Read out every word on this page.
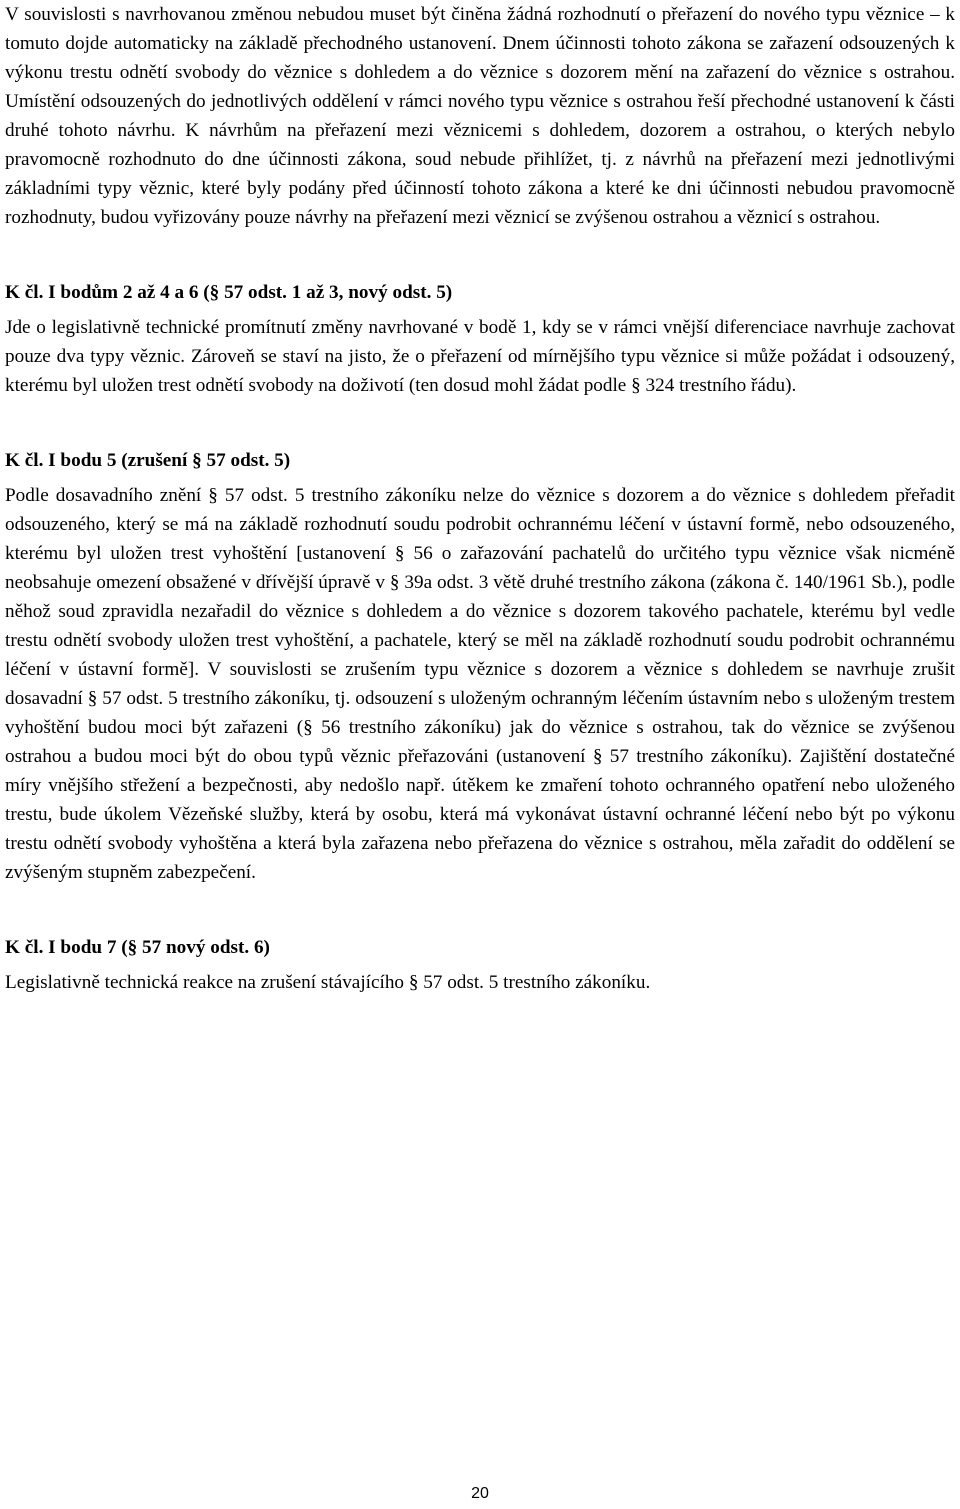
V souvislosti s navrhovanou změnou nebudou muset být činěna žádná rozhodnutí o přeřazení do nového typu věznice – k tomuto dojde automaticky na základě přechodného ustanovení. Dnem účinnosti tohoto zákona se zařazení odsouzených k výkonu trestu odnětí svobody do věznice s dohledem a do věznice s dozorem mění na zařazení do věznice s ostrahou. Umístění odsouzených do jednotlivých oddělení v rámci nového typu věznice s ostrahou řeší přechodné ustanovení k části druhé tohoto návrhu. K návrhům na přeřazení mezi věznicemi s dohledem, dozorem a ostrahou, o kterých nebylo pravomocně rozhodnuto do dne účinnosti zákona, soud nebude přihlížet, tj. z návrhů na přeřazení mezi jednotlivými základními typy věznic, které byly podány před účinností tohoto zákona a které ke dni účinnosti nebudou pravomocně rozhodnuty, budou vyřizovány pouze návrhy na přeřazení mezi věznicí se zvýšenou ostrahou a věznicí s ostrahou.

K čl. I bodům 2 až 4 a 6 (§ 57 odst. 1 až 3, nový odst. 5)

Jde o legislativně technické promítnutí změny navrhované v bodě 1, kdy se v rámci vnější diferenciace navrhuje zachovat pouze dva typy věznic. Zároveň se staví na jisto, že o přeřazení od mírnějšího typu věznice si může požádat i odsouzený, kterému byl uložen trest odnětí svobody na doživotí (ten dosud mohl žádat podle § 324 trestního řádu).

K čl. I bodu 5 (zrušení § 57 odst. 5)

Podle dosavadního znění § 57 odst. 5 trestního zákoníku nelze do věznice s dozorem a do věznice s dohledem přeřadit odsouzeného, který se má na základě rozhodnutí soudu podrobit ochrannému léčení v ústavní formě, nebo odsouzeného, kterému byl uložen trest vyhoštění [ustanovení § 56 o zařazování pachatelů do určitého typu věznice však nicméně neobsahuje omezení obsažené v dřívější úpravě v § 39a odst. 3 větě druhé trestního zákona (zákona č. 140/1961 Sb.), podle něhož soud zpravidla nezařadil do věznice s dohledem a do věznice s dozorem takového pachatele, kterému byl vedle trestu odnětí svobody uložen trest vyhoštění, a pachatele, který se měl na základě rozhodnutí soudu podrobit ochrannému léčení v ústavní formě]. V souvislosti se zrušením typu věznice s dozorem a věznice s dohledem se navrhuje zrušit dosavadní § 57 odst. 5 trestního zákoníku, tj. odsouzení s uloženým ochranným léčením ústavním nebo s uloženým trestem vyhoštění budou moci být zařazeni (§ 56 trestního zákoníku) jak do věznice s ostrahou, tak do věznice se zvýšenou ostrahou a budou moci být do obou typů věznic přeřazováni (ustanovení § 57 trestního zákoníku). Zajištění dostatečné míry vnějšího střežení a bezpečnosti, aby nedošlo např. útěkem ke zmaření tohoto ochranného opatření nebo uloženého trestu, bude úkolem Vězeňské služby, která by osobu, která má vykonávat ústavní ochranné léčení nebo být po výkonu trestu odnětí svobody vyhoštěna a která byla zařazena nebo přeřazena do věznice s ostrahou, měla zařadit do oddělení se zvýšeným stupněm zabezpečení.

K čl. I bodu 7 (§ 57 nový odst. 6)

Legislativně technická reakce na zrušení stávajícího § 57 odst. 5 trestního zákoníku.

20
